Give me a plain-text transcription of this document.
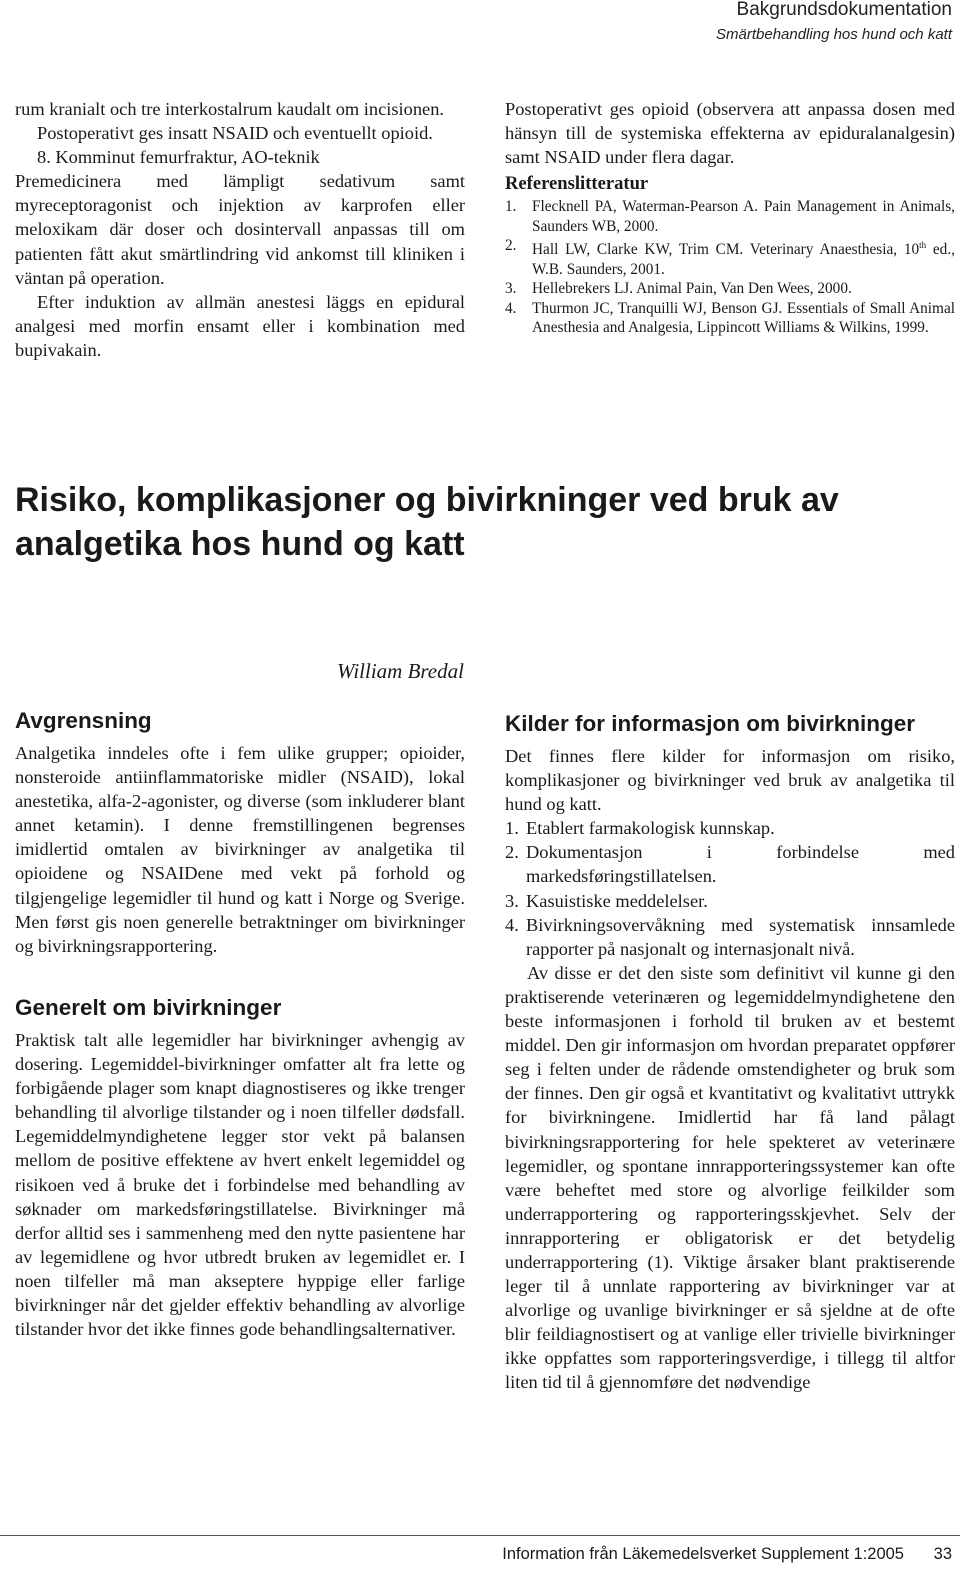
Bakgrundsdokumentation
Smärtbehandling hos hund och katt

rum kranialt och tre interkostalrum kaudalt om incisionen.

Postoperativt ges insatt NSAID och eventuellt opioid.

8. Komminut femurfraktur, AO-teknik

Premedicinera med lämpligt sedativum samt myreceptoragonist och injektion av karprofen eller meloxikam där doser och dosintervall anpassas till om patienten fått akut smärtlindring vid ankomst till kliniken i väntan på operation.

Efter induktion av allmän anestesi läggs en epidural analgesi med morfin ensamt eller i kombination med bupivakain.

Postoperativt ges opioid (observera att anpassa dosen med hänsyn till de systemiska effekterna av epiduralanalgesin) samt NSAID under flera dagar.

Referenslitteratur

1.	Flecknell PA, Waterman-Pearson A. Pain Management in Animals, Saunders WB, 2000.
2.	Hall LW, Clarke KW, Trim CM. Veterinary Anaesthesia, 10th ed., W.B. Saunders, 2001.
3.	Hellebrekers LJ. Animal Pain, Van Den Wees, 2000.
4.	Thurmon JC, Tranquilli WJ, Benson GJ. Essentials of Small Animal Anesthesia and Analgesia, Lippincott Williams & Wilkins, 1999.
Risiko, komplikasjoner og bivirkninger ved bruk av analgetika hos hund og katt
William Bredal
Avgrensning

Analgetika inndeles ofte i fem ulike grupper; opioider, nonsteroide antiinflammatoriske midler (NSAID), lokal anestetika, alfa-2-agonister, og diverse (som inkluderer blant annet ketamin). I denne fremstillingenen begrenses imidlertid omtalen av bivirkninger av analgetika til opioidene og NSAIDene med vekt på forhold og tilgjengelige legemidler til hund og katt i Norge og Sverige. Men først gis noen generelle betraktninger om bivirkninger og bivirkningsrapportering.

Generelt om bivirkninger

Praktisk talt alle legemidler har bivirkninger avhengig av dosering. Legemiddel-bivirkninger omfatter alt fra lette og forbigående plager som knapt diagnostiseres og ikke trenger behandling til alvorlige tilstander og i noen tilfeller dødsfall. Legemiddelmyndighetene legger stor vekt på balansen mellom de positive effektene av hvert enkelt legemiddel og risikoen ved å bruke det i forbindelse med behandling av søknader om markedsføringstillatelse. Bivirkninger må derfor alltid ses i sammenheng med den nytte pasientene har av legemidlene og hvor utbredt bruken av legemidlet er. I noen tilfeller må man akseptere hyppige eller farlige bivirkninger når det gjelder effektiv behandling av alvorlige tilstander hvor det ikke finnes gode behandlingsalternativer.

Kilder for informasjon om bivirkninger

Det finnes flere kilder for informasjon om risiko, komplikasjoner og bivirkninger ved bruk av analgetika til hund og katt.

1. Etablert farmakologisk kunnskap.
2. Dokumentasjon i forbindelse med markedsføringstillatelsen.
3. Kasuistiske meddelelser.
4. Bivirkningsovervåkning med systematisk innsamlede rapporter på nasjonalt og internasjonalt nivå.

Av disse er det den siste som definitivt vil kunne gi den praktiserende veterinæren og legemiddelmyndighetene den beste informasjonen i forhold til bruken av et bestemt middel. Den gir informasjon om hvordan preparatet oppfører seg i felten under de rådende omstendigheter og bruk som der finnes. Den gir også et kvantitativt og kvalitativt uttrykk for bivirkningene. Imidlertid har få land pålagt bivirkningsrapportering for hele spekteret av veterinære legemidler, og spontane innrapporteringssystemer kan ofte være beheftet med store og alvorlige feilkilder som underrapportering og rapporteringsskjevhet. Selv der innrapportering er obligatorisk er det betydelig underrapportering (1). Viktige årsaker blant praktiserende leger til å unnlate rapportering av bivirkninger var at alvorlige og uvanlige bivirkninger er så sjeldne at de ofte blir feildiagnostisert og at vanlige eller trivielle bivirkninger ikke oppfattes som rapporteringsverdige, i tillegg til altfor liten tid til å gjennomføre det nødvendige

Information från Läkemedelsverket Supplement 1:2005 33
